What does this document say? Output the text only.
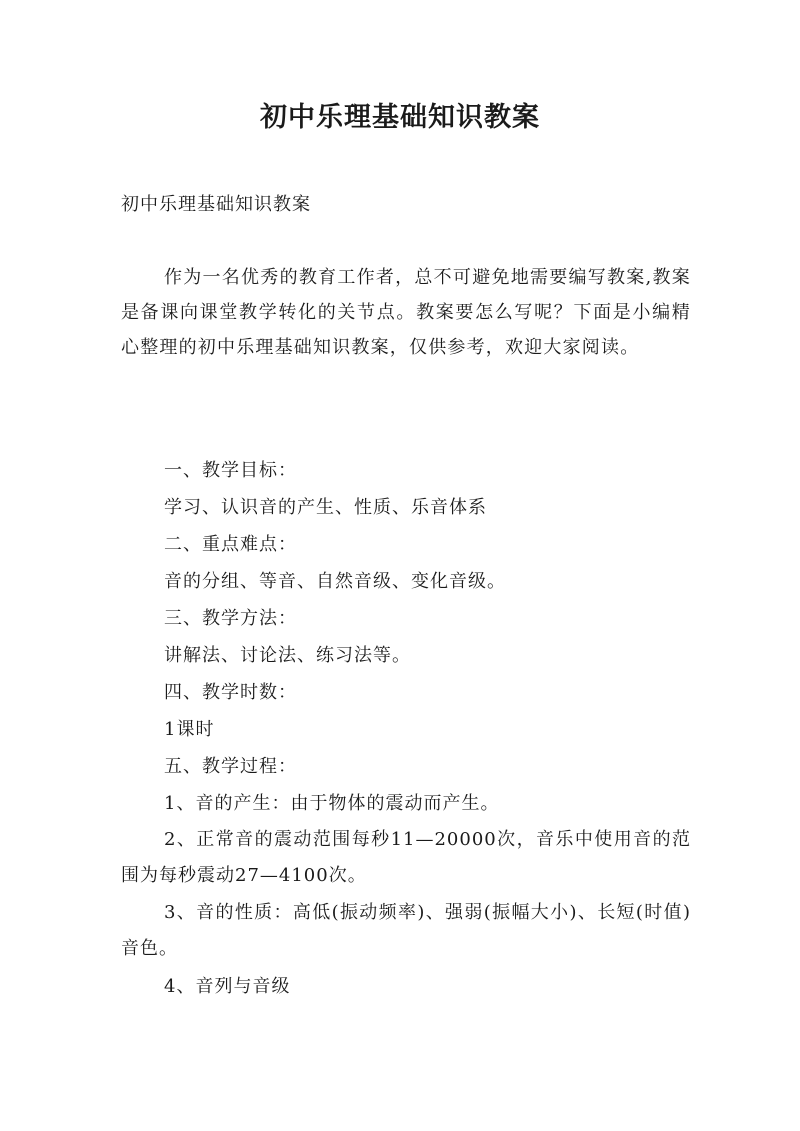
初中乐理基础知识教案
初中乐理基础知识教案
作为一名优秀的教育工作者，总不可避免地需要编写教案,教案是备课向课堂教学转化的关节点。教案要怎么写呢？下面是小编精心整理的初中乐理基础知识教案，仅供参考，欢迎大家阅读。
一、教学目标：
学习、认识音的产生、性质、乐音体系
二、重点难点：
音的分组、等音、自然音级、变化音级。
三、教学方法：
讲解法、讨论法、练习法等。
四、教学时数：
1课时
五、教学过程：
1、音的产生：由于物体的震动而产生。
2、正常音的震动范围每秒11—20000次，音乐中使用音的范围为每秒震动27—4100次。
3、音的性质：高低(振动频率)、强弱(振幅大小)、长短(时值)音色。
4、音列与音级
